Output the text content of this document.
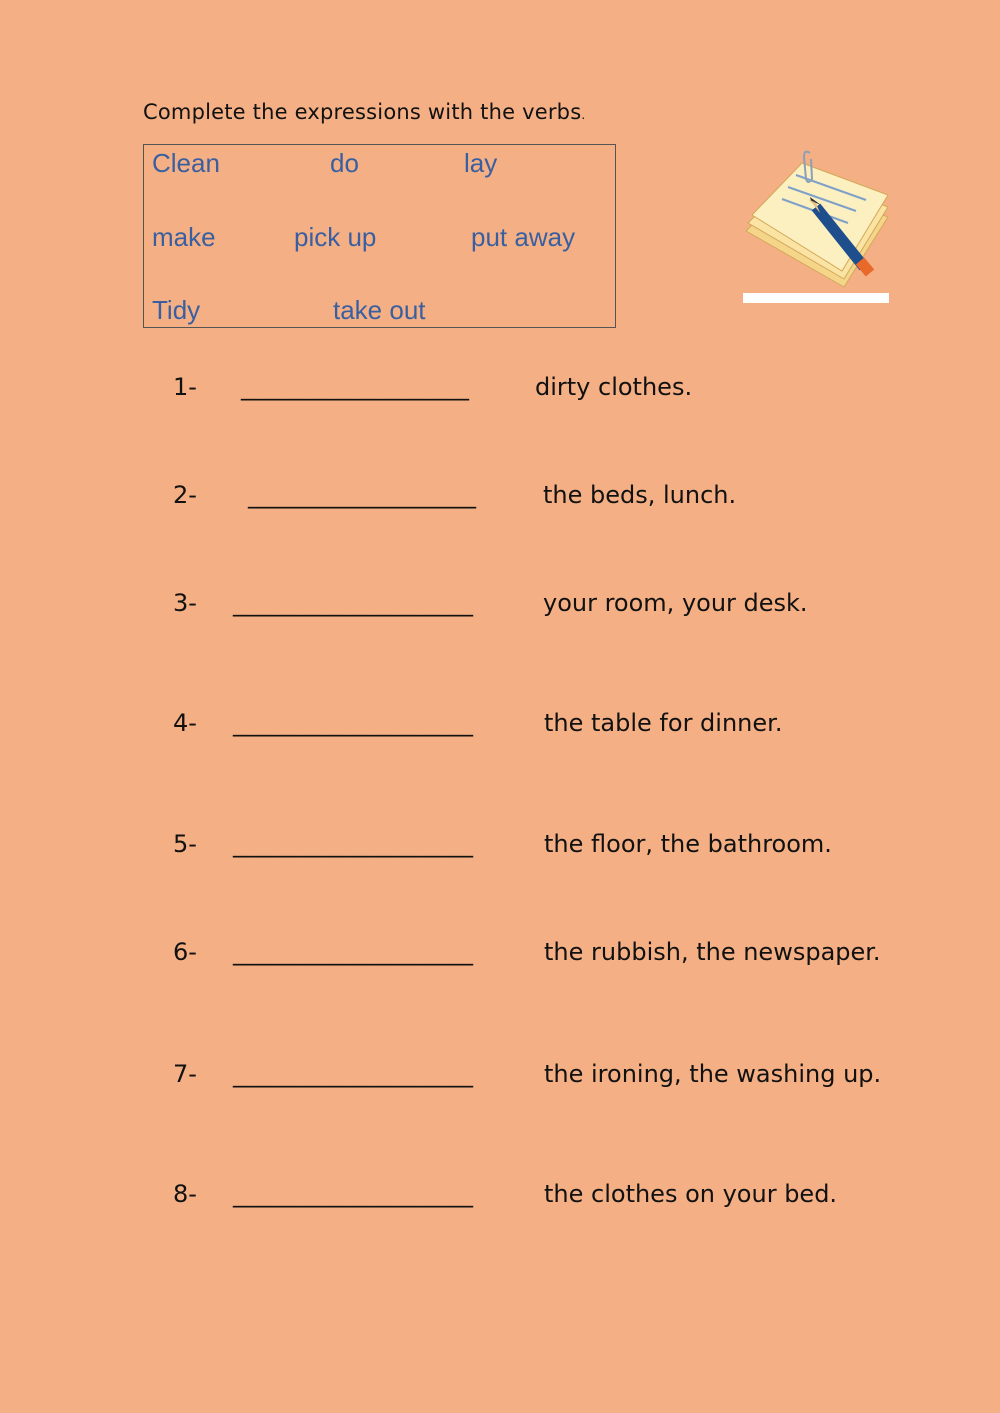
Complete the expressions with the verbs.
Clean	do	lay
make	pick up	put away
Tidy	take out
1- ___________________	dirty clothes.
2- ___________________	the beds, lunch.
3- ____________________	your room, your desk.
4- ____________________	the table for dinner.
5- ____________________	the floor, the bathroom.
6- ____________________	the rubbish, the newspaper.
7- ____________________	the ironing, the washing up.
8- ____________________	the clothes on your bed.
